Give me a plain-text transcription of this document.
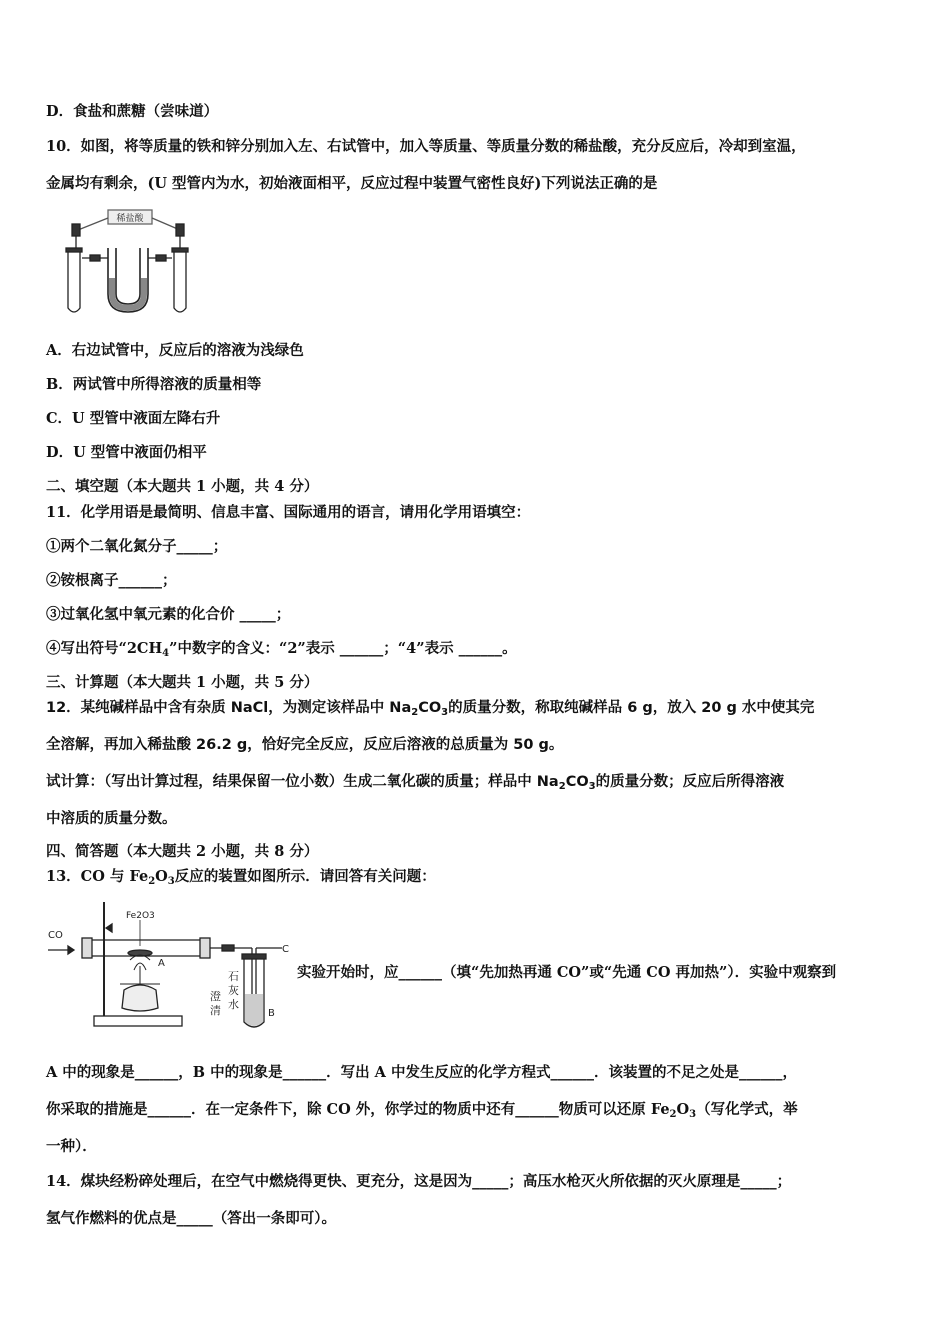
D．食盐和蔗糖（尝味道）
10．如图，将等质量的铁和锌分别加入左、右试管中，加入等质量、等质量分数的稀盐酸，充分反应后，冷却到室温，
金属均有剩余，(U 型管内为水，初始液面相平，反应过程中装置气密性良好)下列说法正确的是
稀盐酸
A．右边试管中，反应后的溶液为浅绿色
B．两试管中所得溶液的质量相等
C．U 型管中液面左降右升
D．U 型管中液面仍相平
二、填空题（本大题共 1 小题，共 4 分）
11．化学用语是最简明、信息丰富、国际通用的语言，请用化学用语填空：
①两个二氧化氮分子_____；
②铵根离子______；
③过氧化氢中氧元素的化合价 _____；
④写出符号“$2CH_4$”中数字的含义：“2”表示 ______；“4”表示 ______。
三、计算题（本大题共 1 小题，共 5 分）
12．某纯碱样品中含有杂质 NaCl，为测定该样品中 $Na_2CO_3$的质量分数，称取纯碱样品 6 g，放入 20 g 水中使其完
全溶解，再加入稀盐酸 26.2 g，恰好完全反应，反应后溶液的总质量为 50 g。
试计算：（写出计算过程，结果保留一位小数）生成二氧化碳的质量；样品中 $Na_2CO_3$的质量分数；反应后所得溶液
中溶质的质量分数。
四、简答题（本大题共 2 小题，共 8 分）
13．CO 与 $Fe_2O_3$反应的装置如图所示．请回答有关问题：
CO
Fe2O3
A
C
B
澄
清
石
灰
水
实验开始时，应______（填“先加热再通 CO”或“先通 CO 再加热”）．实验中观察到
A 中的现象是______，B 中的现象是______．写出 A 中发生反应的化学方程式______．该装置的不足之处是______，
你采取的措施是______．在一定条件下，除 CO 外，你学过的物质中还有______物质可以还原 $Fe_2O_3$（写化学式，举
一种）．
14．煤块经粉碎处理后，在空气中燃烧得更快、更充分，这是因为_____；高压水枪灭火所依据的灭火原理是_____；
氢气作燃料的优点是_____（答出一条即可）。
